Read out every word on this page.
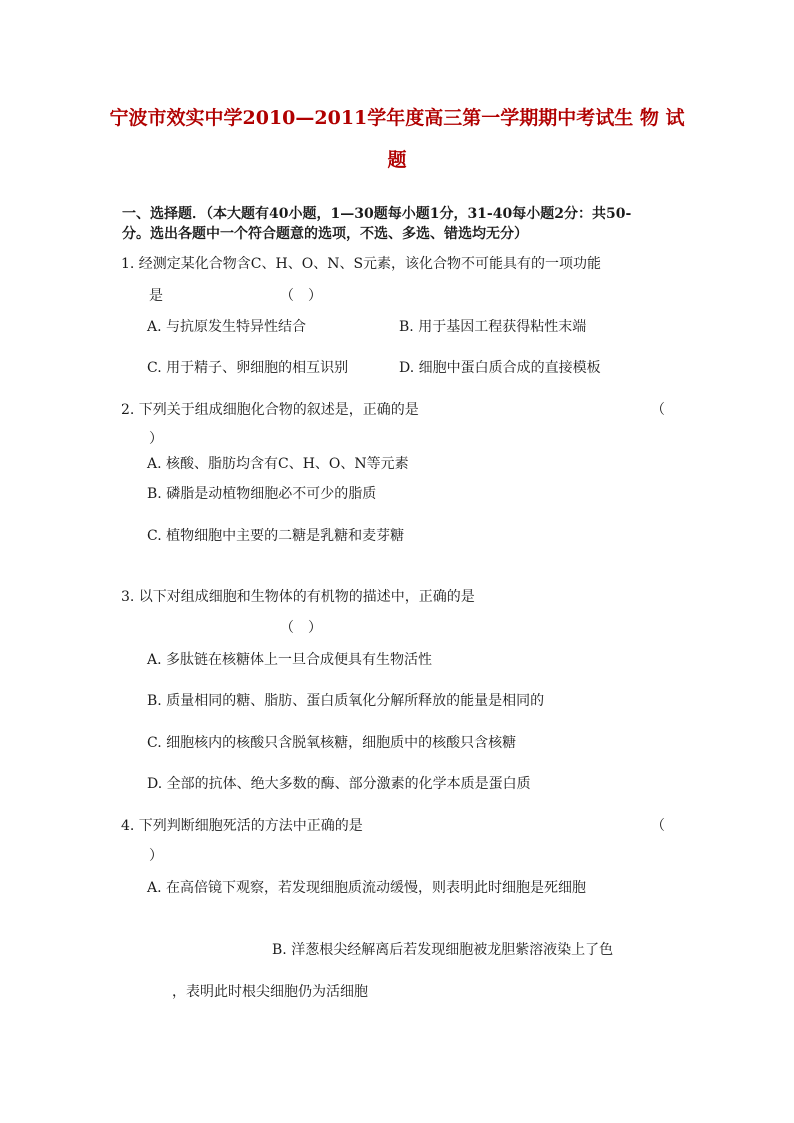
宁波市效实中学2010—2011学年度高三第一学期期中考试生 物 试
题
一、选择题．（本大题有40小题，1—30题每小题1分，31-40每小题2分：共50-
分。选出各题中一个符合题意的选项，不选、多选、错选均无分）
1. 经测定某化合物含C、H、O、N、S元素，该化合物不可能具有的一项功能
是	（　）
A. 与抗原发生特异性结合	B. 用于基因工程获得粘性末端
C. 用于精子、卵细胞的相互识别	D. 细胞中蛋白质合成的直接模板
2. 下列关于组成细胞化合物的叙述是，正确的是	（
）
A. 核酸、脂肪均含有C、H、O、N等元素
B. 磷脂是动植物细胞必不可少的脂质
C. 植物细胞中主要的二糖是乳糖和麦芽糖
3. 以下对组成细胞和生物体的有机物的描述中，正确的是
（　）
A. 多肽链在核糖体上一旦合成便具有生物活性
B. 质量相同的糖、脂肪、蛋白质氧化分解所释放的能量是相同的
C. 细胞核内的核酸只含脱氧核糖，细胞质中的核酸只含核糖
D. 全部的抗体、绝大多数的酶、部分激素的化学本质是蛋白质
4. 下列判断细胞死活的方法中正确的是	（
）
A. 在高倍镜下观察，若发现细胞质流动缓慢，则表明此时细胞是死细胞
B. 洋葱根尖经解离后若发现细胞被龙胆紫溶液染上了色
，表明此时根尖细胞仍为活细胞
